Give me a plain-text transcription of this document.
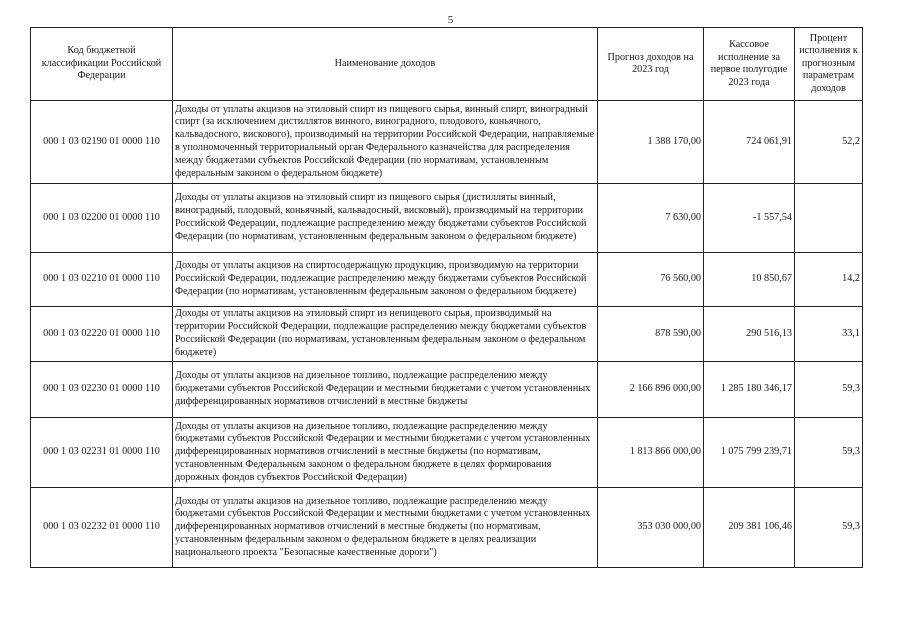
5
Код бюджетной классификации Российской Федерации	Наименование доходов	Прогноз доходов на 2023 год	Кассовое исполнение за первое полугодие 2023 года	Процент исполнения к прогнозным параметрам доходов
000 1 03 02190 01 0000 110	Доходы от уплаты акцизов на этиловый спирт из пищевого сырья, винный спирт, виноградный спирт (за исключением дистиллятов винного, виноградного, плодового, коньячного, кальвадосного, вискового), производимый на территории Российской Федерации, направляемые в уполномоченный территориальный орган Федерального казначейства для распределения между бюджетами субъектов Российской Федерации (по нормативам, установленным федеральным законом о федеральном бюджете)	1 388 170,00	724 061,91	52,2
000 1 03 02200 01 0000 110	Доходы от уплаты акцизов на этиловый спирт из пищевого сырья (дистилляты винный, виноградный, плодовый, коньячный, кальвадосный, висковый), производимый на территории Российской Федерации, подлежащие распределению между бюджетами субъектов Российской Федерации (по нормативам, установленным федеральным законом о федеральном бюджете)	7 630,00	-1 557,54	
000 1 03 02210 01 0000 110	Доходы от уплаты акцизов на спиртосодержащую продукцию, производимую на территории Российской Федерации, подлежащие распределению между бюджетами субъектов Российской Федерации (по нормативам, установленным федеральным законом о федеральном бюджете)	76 560,00	10 850,67	14,2
000 1 03 02220 01 0000 110	Доходы от уплаты акцизов на этиловый спирт из непищевого сырья, производимый на территории Российской Федерации, подлежащие распределению между бюджетами субъектов Российской Федерации (по нормативам, установленным федеральным законом о федеральном бюджете)	878 590,00	290 516,13	33,1
000 1 03 02230 01 0000 110	Доходы от уплаты акцизов на дизельное топливо, подлежащие распределению между бюджетами субъектов Российской Федерации и местными бюджетами с учетом установленных дифференцированных нормативов отчислений в местные бюджеты	2 166 896 000,00	1 285 180 346,17	59,3
000 1 03 02231 01 0000 110	Доходы от уплаты акцизов на дизельное топливо, подлежащие распределению между бюджетами субъектов Российской Федерации и местными бюджетами с учетом установленных дифференцированных нормативов отчислений в местные бюджеты (по нормативам, установленным Федеральным законом о федеральном бюджете в целях формирования дорожных фондов субъектов Российской Федерации)	1 813 866 000,00	1 075 799 239,71	59,3
000 1 03 02232 01 0000 110	Доходы от уплаты акцизов на дизельное топливо, подлежащие распределению между бюджетами субъектов Российской Федерации и местными бюджетами с учетом установленных дифференцированных нормативов отчислений в местные бюджеты (по нормативам, установленным федеральным законом о федеральном бюджете в целях реализации национального проекта "Безопасные качественные дороги")	353 030 000,00	209 381 106,46	59,3
